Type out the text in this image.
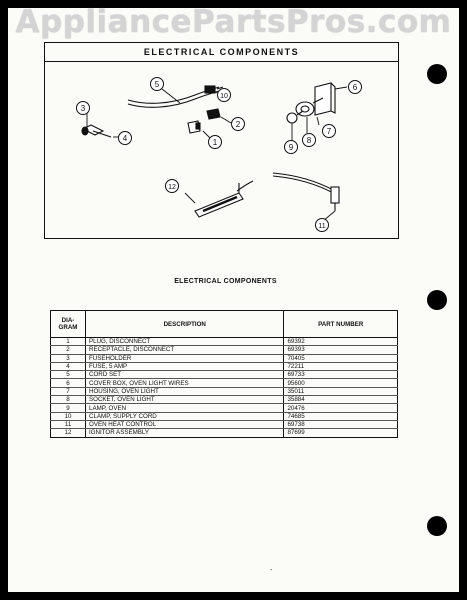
AppliancePartsPros.com
ELECTRICAL COMPONENTS
5
10
3
4
2
1
6
7
8
9
12
11
ELECTRICAL COMPONENTS
DIA-
GRAM	DESCRIPTION	PART NUMBER
1	PLUG, DISCONNECT	69392
2	RECEPTACLE, DISCONNECT	69393
3	FUSEHOLDER	70405
4	FUSE, 5 AMP	72211
5	CORD SET	69733
6	COVER BOX, OVEN LIGHT WIRES	95600
7	HOUSING, OVEN LIGHT	35011
8	SOCKET, OVEN LIGHT	35884
9	LAMP, OVEN	20476
10	CLAMP, SUPPLY CORD	74685
11	OVEN HEAT CONTROL	69738
12	IGNITOR ASSEMBLY	87699
-
